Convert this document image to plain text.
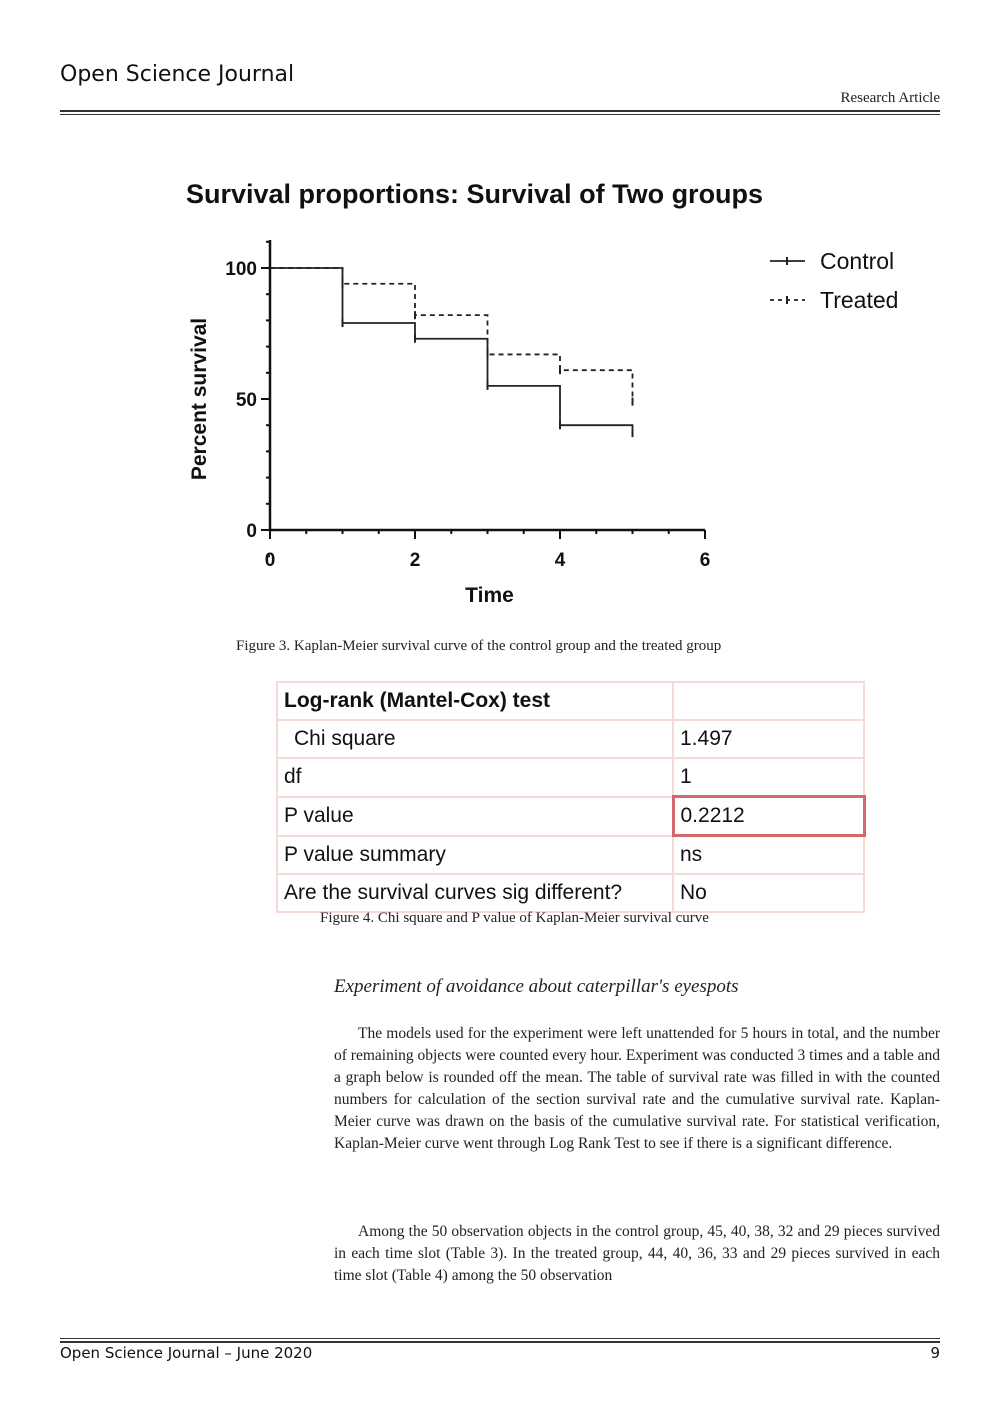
Open Science Journal
Research Article
Survival proportions: Survival of Two groups
0
50
100
0	2	4	6
Percent survival
Time
Control
Treated
Figure 3. Kaplan-Meier survival curve of the control group and the treated group
Log-rank (Mantel-Cox) test	
Chi square	1.497
df	1
P value	0.2212
P value summary	ns
Are the survival curves sig different?	No
Figure 4. Chi square and P value of Kaplan-Meier survival curve
Experiment of avoidance about caterpillar's eyespots

The models used for the experiment were left unattended for 5 hours in total, and the number of remaining objects were counted every hour. Experiment was conducted 3 times and a table and a graph below is rounded off the mean. The table of survival rate was filled in with the counted numbers for calculation of the section survival rate and the cumulative survival rate. Kaplan-Meier curve was drawn on the basis of the cumulative survival rate. For statistical verification, Kaplan-Meier curve went through Log Rank Test to see if there is a significant difference.

Among the 50 observation objects in the control group, 45, 40, 38, 32 and 29 pieces survived in each time slot (Table 3). In the treated group, 44, 40, 36, 33 and 29 pieces survived in each time slot (Table 4) among the 50 observation

Open Science Journal – June 2020	9
